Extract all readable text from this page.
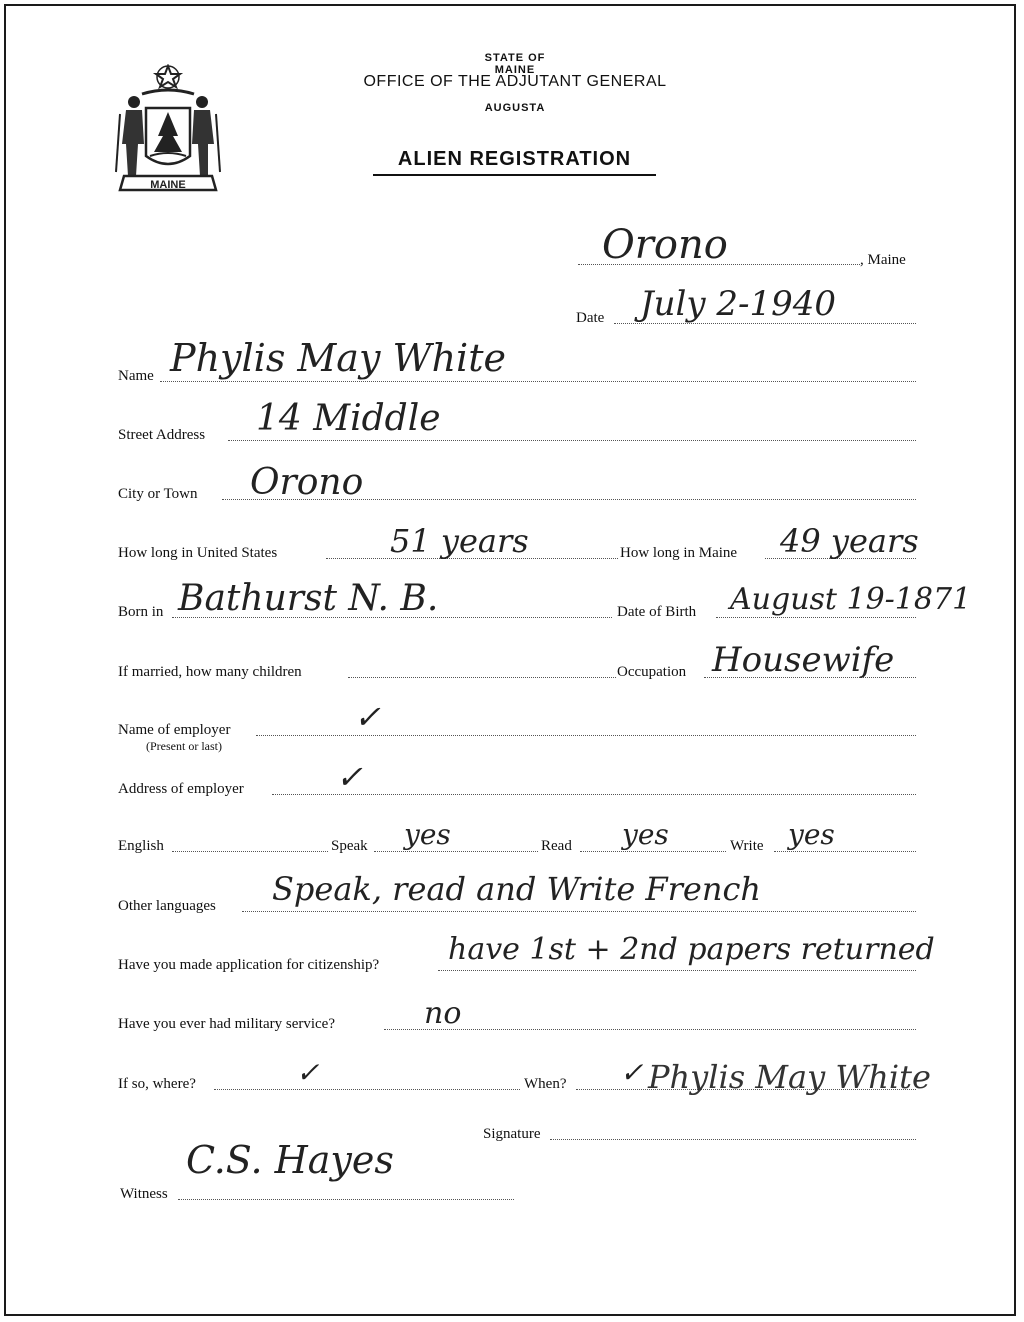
MAINE
STATE OF MAINE
OFFICE OF THE ADJUTANT GENERAL
AUGUSTA
ALIEN REGISTRATION
Orono	, Maine
Date July 2-1940
Name Phylis May White
Street Address 14 Middle
City or Town Orono
How long in United States	51 years	How long in Maine 49 years
Born in Bathurst N. B.	Date of Birth August 19-1871
If married, how many children	Occupation Housewife
Name of employer
(Present or last)
✓
Address of employer	✓
English	Speak yes	Read yes	Write yes
Other languages Speak, read and Write French
Have you made application for citizenship? have 1st + 2nd papers returned
Have you ever had military service?	no
If so, where?	✓	When? ✓ Phylis May White
Signature
Witness
C.S. Hayes
